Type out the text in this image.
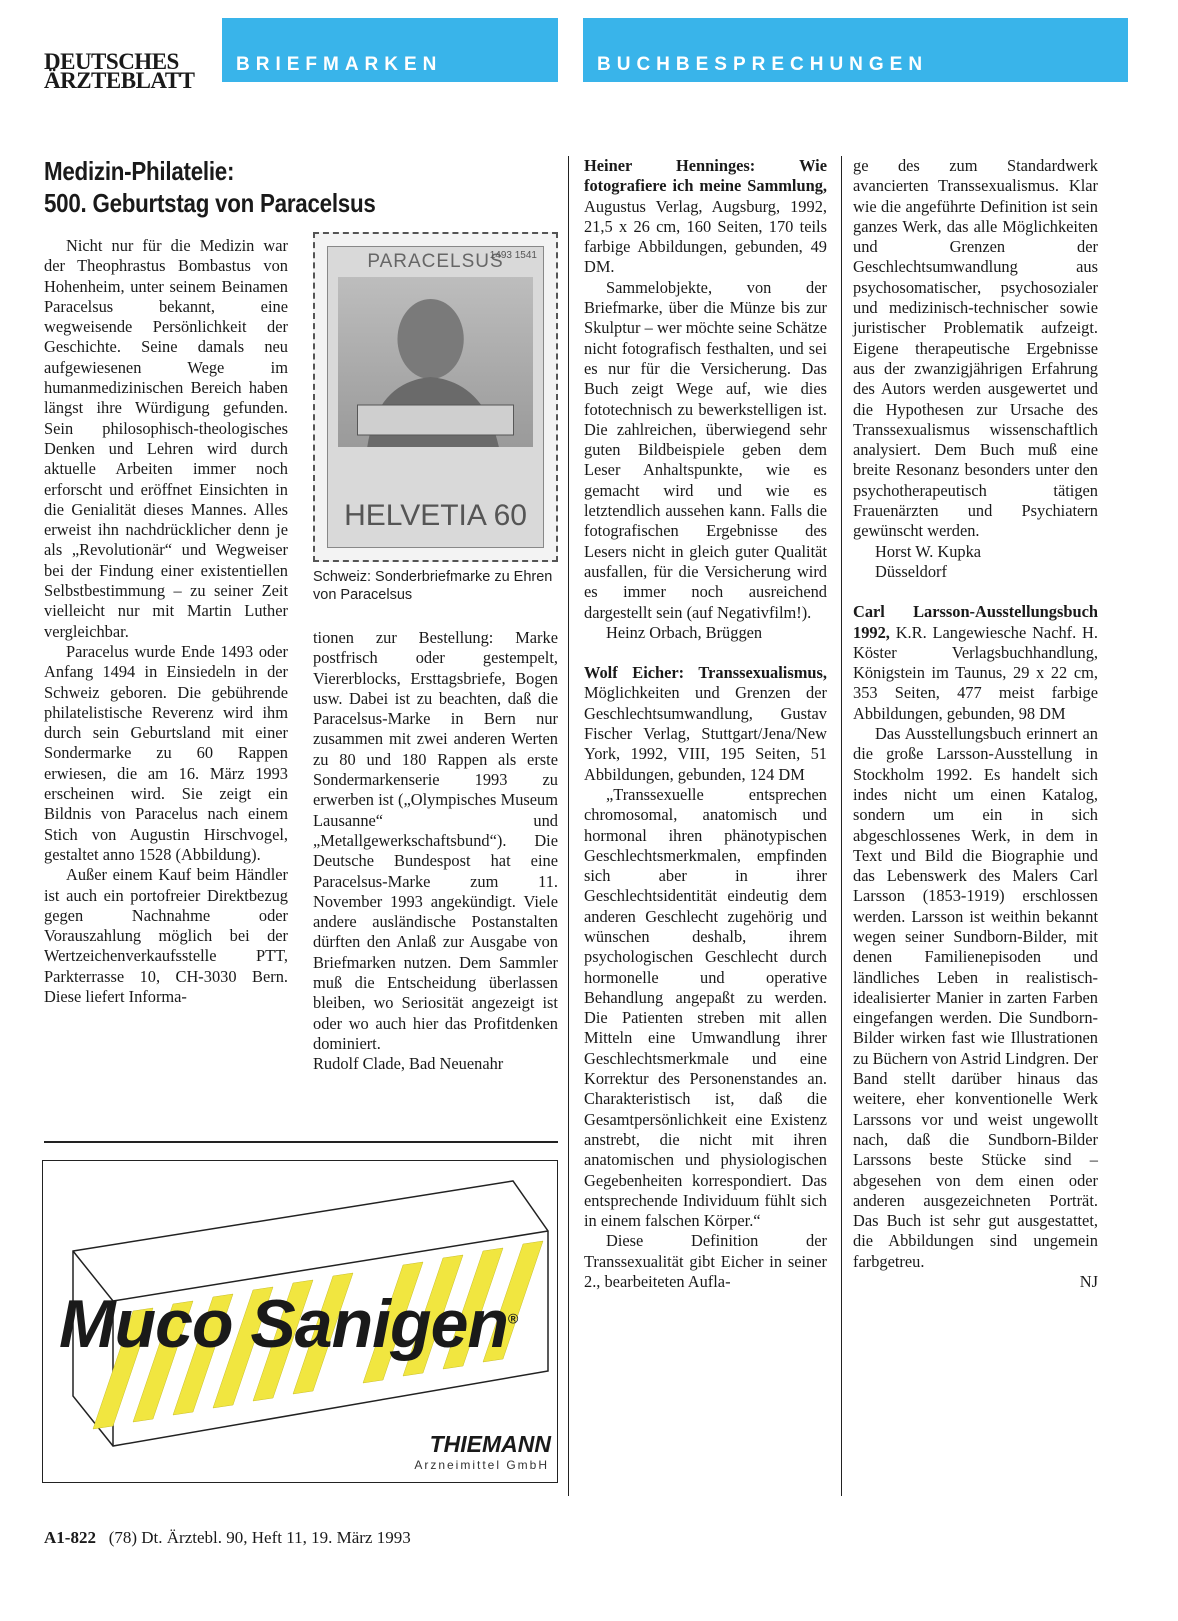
DEUTSCHES
ÄRZTEBLATT
BRIEFMARKEN	BUCHBESPRECHUNGEN
Medizin-Philatelie:
500. Geburtstag von Paracelsus

Nicht nur für die Medizin war der Theophrastus Bombastus von Hohenheim, unter seinem Beinamen Paracelsus bekannt, eine wegweisende Persönlichkeit der Geschichte. Seine damals neu aufgewiesenen Wege im humanmedizinischen Bereich haben längst ihre Würdigung gefunden. Sein philosophisch-theologisches Denken und Lehren wird durch aktuelle Arbeiten immer noch erforscht und eröffnet Einsichten in die Genialität dieses Mannes. Alles erweist ihn nachdrücklicher denn je als „Revolutionär“ und Wegweiser bei der Findung einer existentiellen Selbstbestimmung – zu seiner Zeit vielleicht nur mit Martin Luther vergleichbar.

Paracelus wurde Ende 1493 oder Anfang 1494 in Einsiedeln in der Schweiz geboren. Die gebührende philatelistische Reverenz wird ihm durch sein Geburtsland mit einer Sondermarke zu 60 Rappen erwiesen, die am 16. März 1993 erscheinen wird. Sie zeigt ein Bildnis von Paracelus nach einem Stich von Augustin Hirschvogel, gestaltet anno 1528 (Abbildung).

Außer einem Kauf beim Händler ist auch ein portofreier Direktbezug gegen Nachnahme oder Vorauszahlung möglich bei der Wertzeichenverkaufsstelle PTT, Parkterrasse 10, CH-3030 Bern. Diese liefert Informa-

PARACELSUS
1493 1541
HELVETIA 60
Schweiz: Sonderbriefmarke zu Ehren von Paracelsus

tionen zur Bestellung: Marke postfrisch oder gestempelt, Viererblocks, Ersttagsbriefe, Bogen usw. Dabei ist zu beachten, daß die Paracelsus-Marke in Bern nur zusammen mit zwei anderen Werten zu 80 und 180 Rappen als erste Sondermarkenserie 1993 zu erwerben ist („Olympisches Museum Lausanne“ und „Metallgewerkschaftsbund“). Die Deutsche Bundespost hat eine Paracelsus-Marke zum 11. November 1993 angekündigt. Viele andere ausländische Postanstalten dürften den Anlaß zur Ausgabe von Briefmarken nutzen. Dem Sammler muß die Entscheidung überlassen bleiben, wo Seriosität angezeigt ist oder wo auch hier das Profitdenken dominiert.

Rudolf Clade, Bad Neuenahr

Muco Sanigen®
THIEMANN
Arzneimittel GmbH

Heiner Henninges: Wie fotografiere ich meine Sammlung, Augustus Verlag, Augsburg, 1992, 21,5 x 26 cm, 160 Seiten, 170 teils farbige Abbildungen, gebunden, 49 DM.

Sammelobjekte, von der Briefmarke, über die Münze bis zur Skulptur – wer möchte seine Schätze nicht fotografisch festhalten, und sei es nur für die Versicherung. Das Buch zeigt Wege auf, wie dies fototechnisch zu bewerkstelligen ist. Die zahlreichen, überwiegend sehr guten Bildbeispiele geben dem Leser Anhaltspunkte, wie es gemacht wird und wie es letztendlich aussehen kann. Falls die fotografischen Ergebnisse des Lesers nicht in gleich guter Qualität ausfallen, für die Versicherung wird es immer noch ausreichend dargestellt sein (auf Negativfilm!).

Heinz Orbach, Brüggen

Wolf Eicher: Transsexualismus, Möglichkeiten und Grenzen der Geschlechtsumwandlung, Gustav Fischer Verlag, Stuttgart/Jena/New York, 1992, VIII, 195 Seiten, 51 Abbildungen, gebunden, 124 DM

„Transsexuelle entsprechen chromosomal, anatomisch und hormonal ihren phänotypischen Geschlechtsmerkmalen, empfinden sich aber in ihrer Geschlechtsidentität eindeutig dem anderen Geschlecht zugehörig und wünschen deshalb, ihrem psychologischen Geschlecht durch hormonelle und operative Behandlung angepaßt zu werden. Die Patienten streben mit allen Mitteln eine Umwandlung ihrer Geschlechtsmerkmale und eine Korrektur des Personenstandes an. Charakteristisch ist, daß die Gesamtpersönlichkeit eine Existenz anstrebt, die nicht mit ihren anatomischen und physiologischen Gegebenheiten korrespondiert. Das entsprechende Individuum fühlt sich in einem falschen Körper.“

Diese Definition der Transsexualität gibt Eicher in seiner 2., bearbeiteten Aufla-

ge des zum Standardwerk avancierten Transsexualismus. Klar wie die angeführte Definition ist sein ganzes Werk, das alle Möglichkeiten und Grenzen der Geschlechtsumwandlung aus psychosomatischer, psychosozialer und medizinisch-technischer sowie juristischer Problematik aufzeigt. Eigene therapeutische Ergebnisse aus der zwanzigjährigen Erfahrung des Autors werden ausgewertet und die Hypothesen zur Ursache des Transsexualismus wissenschaftlich analysiert. Dem Buch muß eine breite Resonanz besonders unter den psychotherapeutisch tätigen Frauenärzten und Psychiatern gewünscht werden.

Horst W. Kupka

Düsseldorf

Carl Larsson-Ausstellungsbuch 1992, K.R. Langewiesche Nachf. H. Köster Verlagsbuchhandlung, Königstein im Taunus, 29 x 22 cm, 353 Seiten, 477 meist farbige Abbildungen, gebunden, 98 DM

Das Ausstellungsbuch erinnert an die große Larsson-Ausstellung in Stockholm 1992. Es handelt sich indes nicht um einen Katalog, sondern um ein in sich abgeschlossenes Werk, in dem in Text und Bild die Biographie und das Lebenswerk des Malers Carl Larsson (1853-1919) erschlossen werden. Larsson ist weithin bekannt wegen seiner Sundborn-Bilder, mit denen Familienepisoden und ländliches Leben in realistisch-idealisierter Manier in zarten Farben eingefangen werden. Die Sundborn-Bilder wirken fast wie Illustrationen zu Büchern von Astrid Lindgren. Der Band stellt darüber hinaus das weitere, eher konventionelle Werk Larssons vor und weist ungewollt nach, daß die Sundborn-Bilder Larssons beste Stücke sind – abgesehen von dem einen oder anderen ausgezeichneten Porträt. Das Buch ist sehr gut ausgestattet, die Abbildungen sind ungemein farbgetreu.

NJ

A1-822 (78) Dt. Ärztebl. 90, Heft 11, 19. März 1993
